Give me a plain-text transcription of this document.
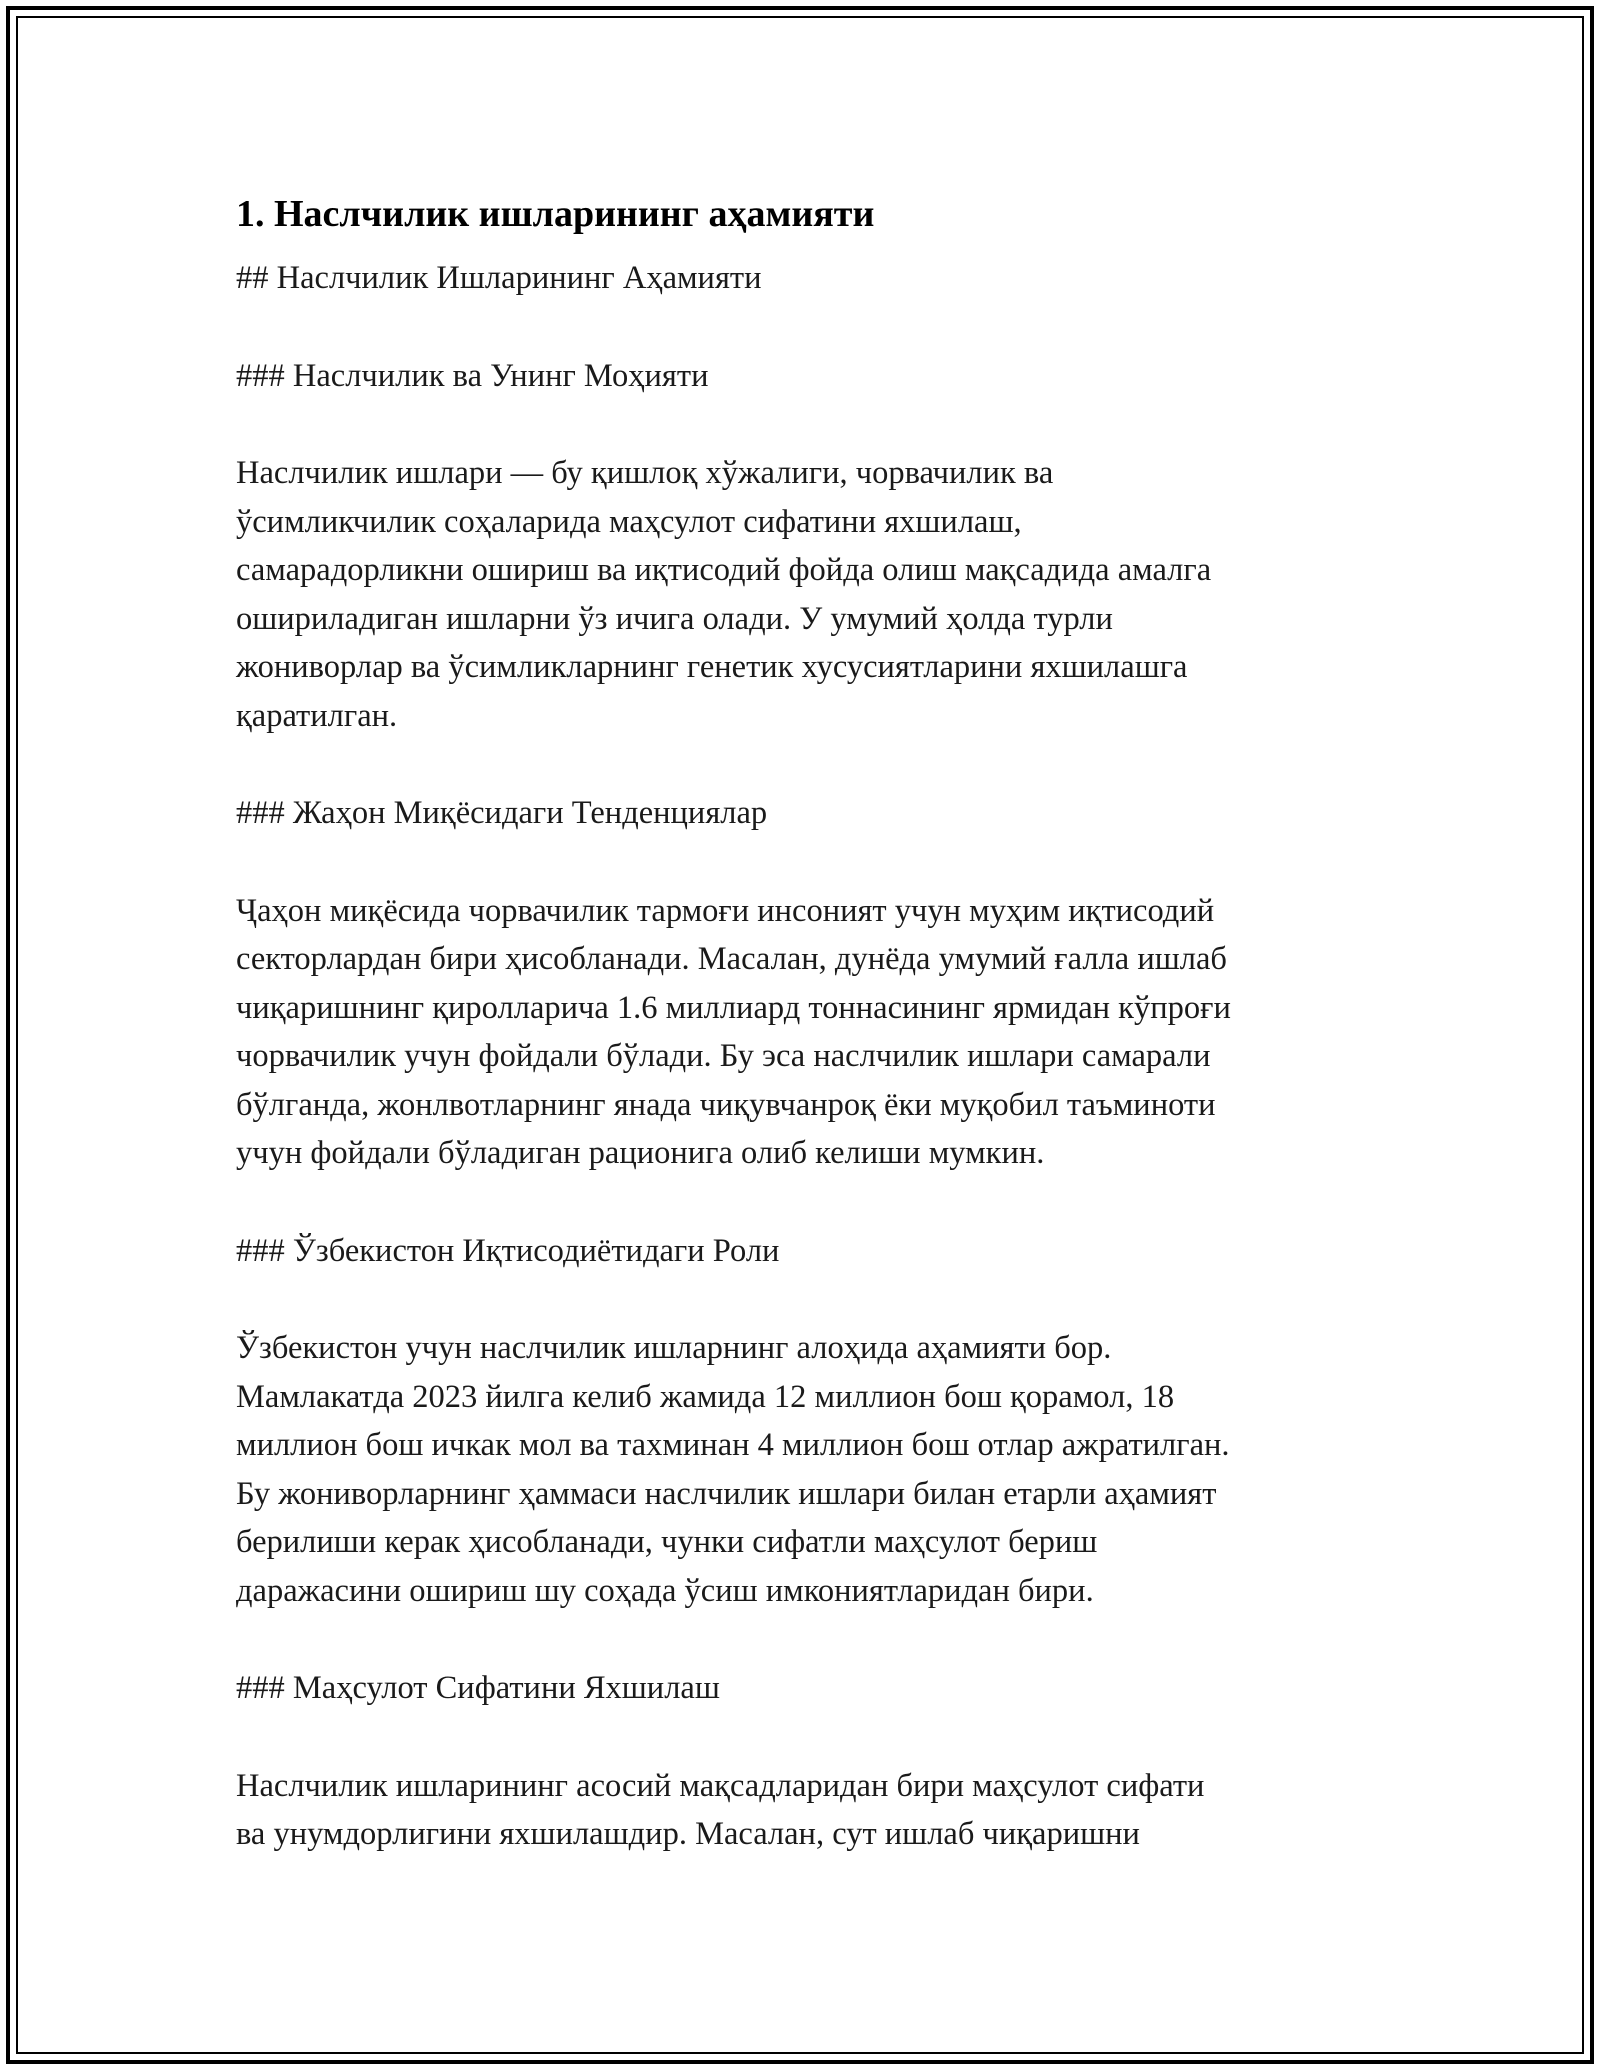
1. Наслчилик ишларининг аҳамияти

## Наслчилик Ишларининг Аҳамияти

### Наслчилик ва Унинг Моҳияти

Наслчилик ишлари — бу қишлоқ хўжалиги, чорвачилик ва

ўсимликчилик соҳаларида маҳсулот сифатини яхшилаш,

самарадорликни ошириш ва иқтисодий фойда олиш мақсадида амалга

ошириладиган ишларни ўз ичига олади. У умумий ҳолда турли

жониворлар ва ўсимликларнинг генетик хусусиятларини яхшилашга

қаратилган.

### Жаҳон Миқёсидаги Тенденциялар

Ҷаҳон миқёсида чорвачилик тармоғи инсоният учун муҳим иқтисодий

секторлардан бири ҳисобланади. Масалан, дунёда умумий ғалла ишлаб

чиқаришнинг қиролларича 1.6 миллиард тоннасининг ярмидан кўпроғи

чорвачилик учун фойдали бўлади. Бу эса наслчилик ишлари самарали

бўлганда, жонлвотларнинг янада чиқувчанроқ ёки муқобил таъминоти

учун фойдали бўладиган рационига олиб келиши мумкин.

### Ўзбекистон Иқтисодиётидаги Роли

Ўзбекистон учун наслчилик ишларнинг алоҳида аҳамияти бор.

Мамлакатда 2023 йилга келиб жамида 12 миллион бош қорамол, 18

миллион бош ичкак мол ва тахминан 4 миллион бош отлар ажратилган.

Бу жониворларнинг ҳаммаси наслчилик ишлари билан етарли аҳамият

берилиши керак ҳисобланади, чунки сифатли маҳсулот бериш

даражасини ошириш шу соҳада ўсиш имкониятларидан бири.

### Маҳсулот Сифатини Яхшилаш

Наслчилик ишларининг асосий мақсадларидан бири маҳсулот сифати

ва унумдорлигини яхшилашдир. Масалан, сут ишлаб чиқаришни
